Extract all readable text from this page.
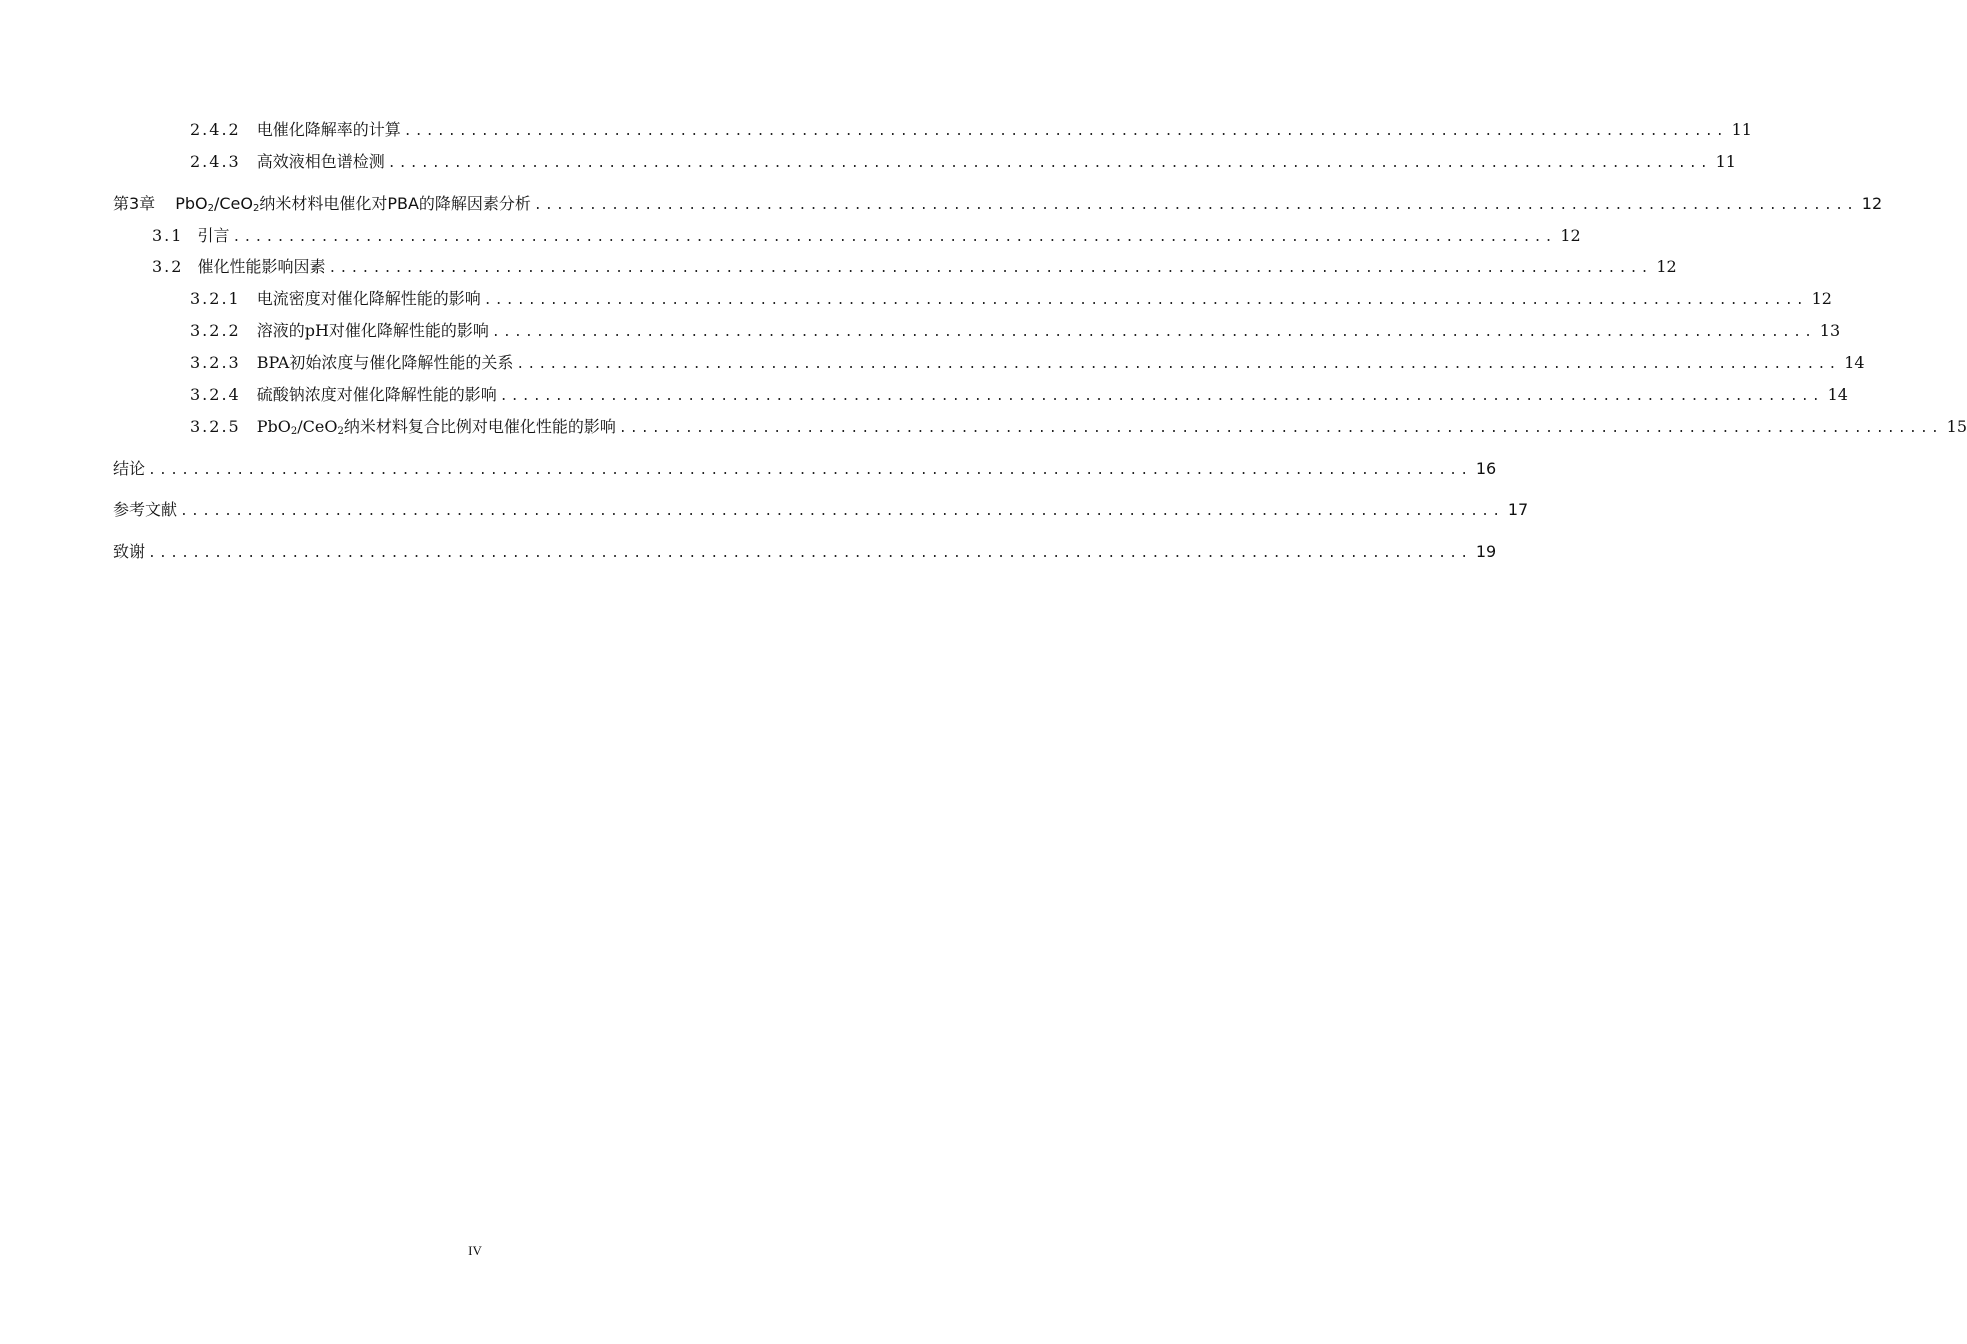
2.4.2 电催化降解率的计算 ........................................................................................................................ 11
2.4.3 高效液相色谱检测 ........................................................................................................................ 11
第3章 PbO$_2$/CeO$_2$纳米材料电催化对PBA的降解因素分析 ........................................................................................................................ 12
3.1 引言 ........................................................................................................................ 12
3.2 催化性能影响因素 ........................................................................................................................ 12
3.2.1 电流密度对催化降解性能的影响 ........................................................................................................................ 12
3.2.2 溶液的pH对催化降解性能的影响 ........................................................................................................................ 13
3.2.3 BPA初始浓度与催化降解性能的关系 ........................................................................................................................ 14
3.2.4 硫酸钠浓度对催化降解性能的影响 ........................................................................................................................ 14
3.2.5 PbO$_2$/CeO$_2$纳米材料复合比例对电催化性能的影响 ........................................................................................................................ 15
结论 ........................................................................................................................ 16
参考文献 ........................................................................................................................ 17
致谢 ........................................................................................................................ 19
IV
